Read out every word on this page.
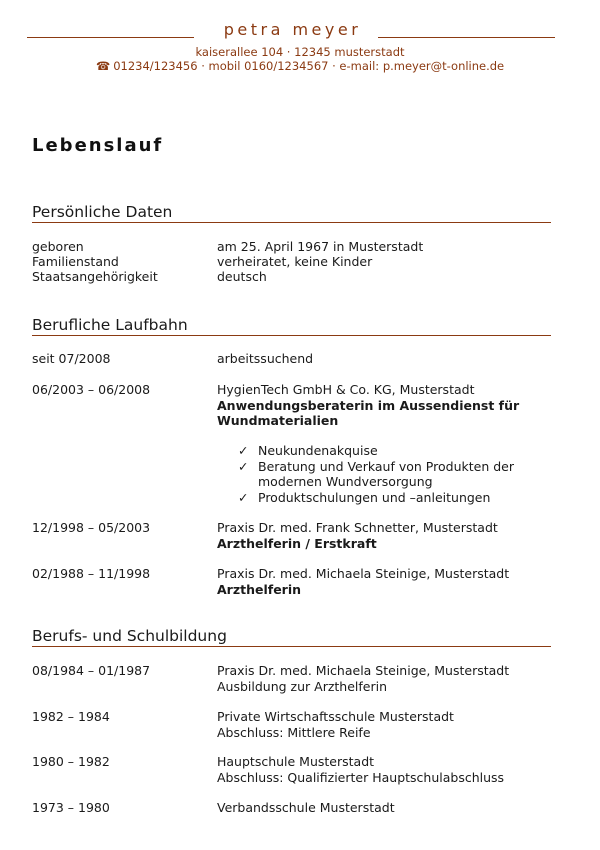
petra meyer
kaiserallee 104 · 12345 musterstadt
☎ 01234/123456 · mobil 0160/1234567 · e-mail: p.meyer@t-online.de
Lebenslauf
Persönliche Daten
geboren	am 25. April 1967 in Musterstadt
Familienstand	verheiratet, keine Kinder
Staatsangehörigkeit	deutsch
Berufliche Laufbahn
seit 07/2008	arbeitssuchend
06/2003 – 06/2008	HygienTech GmbH & Co. KG, Musterstadt
Anwendungsberaterin im Aussendienst für Wundmaterialien
✓ Neukundenakquise
✓ Beratung und Verkauf von Produkten der modernen Wundversorgung
✓ Produktschulungen und –anleitungen
12/1998 – 05/2003	Praxis Dr. med. Frank Schnetter, Musterstadt
Arzthelferin / Erstkraft
02/1988 – 11/1998	Praxis Dr. med. Michaela Steinige, Musterstadt
Arzthelferin
Berufs- und Schulbildung
08/1984 – 01/1987	Praxis Dr. med. Michaela Steinige, Musterstadt
Ausbildung zur Arzthelferin
1982 – 1984	Private Wirtschaftsschule Musterstadt
Abschluss: Mittlere Reife
1980 – 1982	Hauptschule Musterstadt
Abschluss: Qualifizierter Hauptschulabschluss
1973 – 1980	Verbandsschule Musterstadt
